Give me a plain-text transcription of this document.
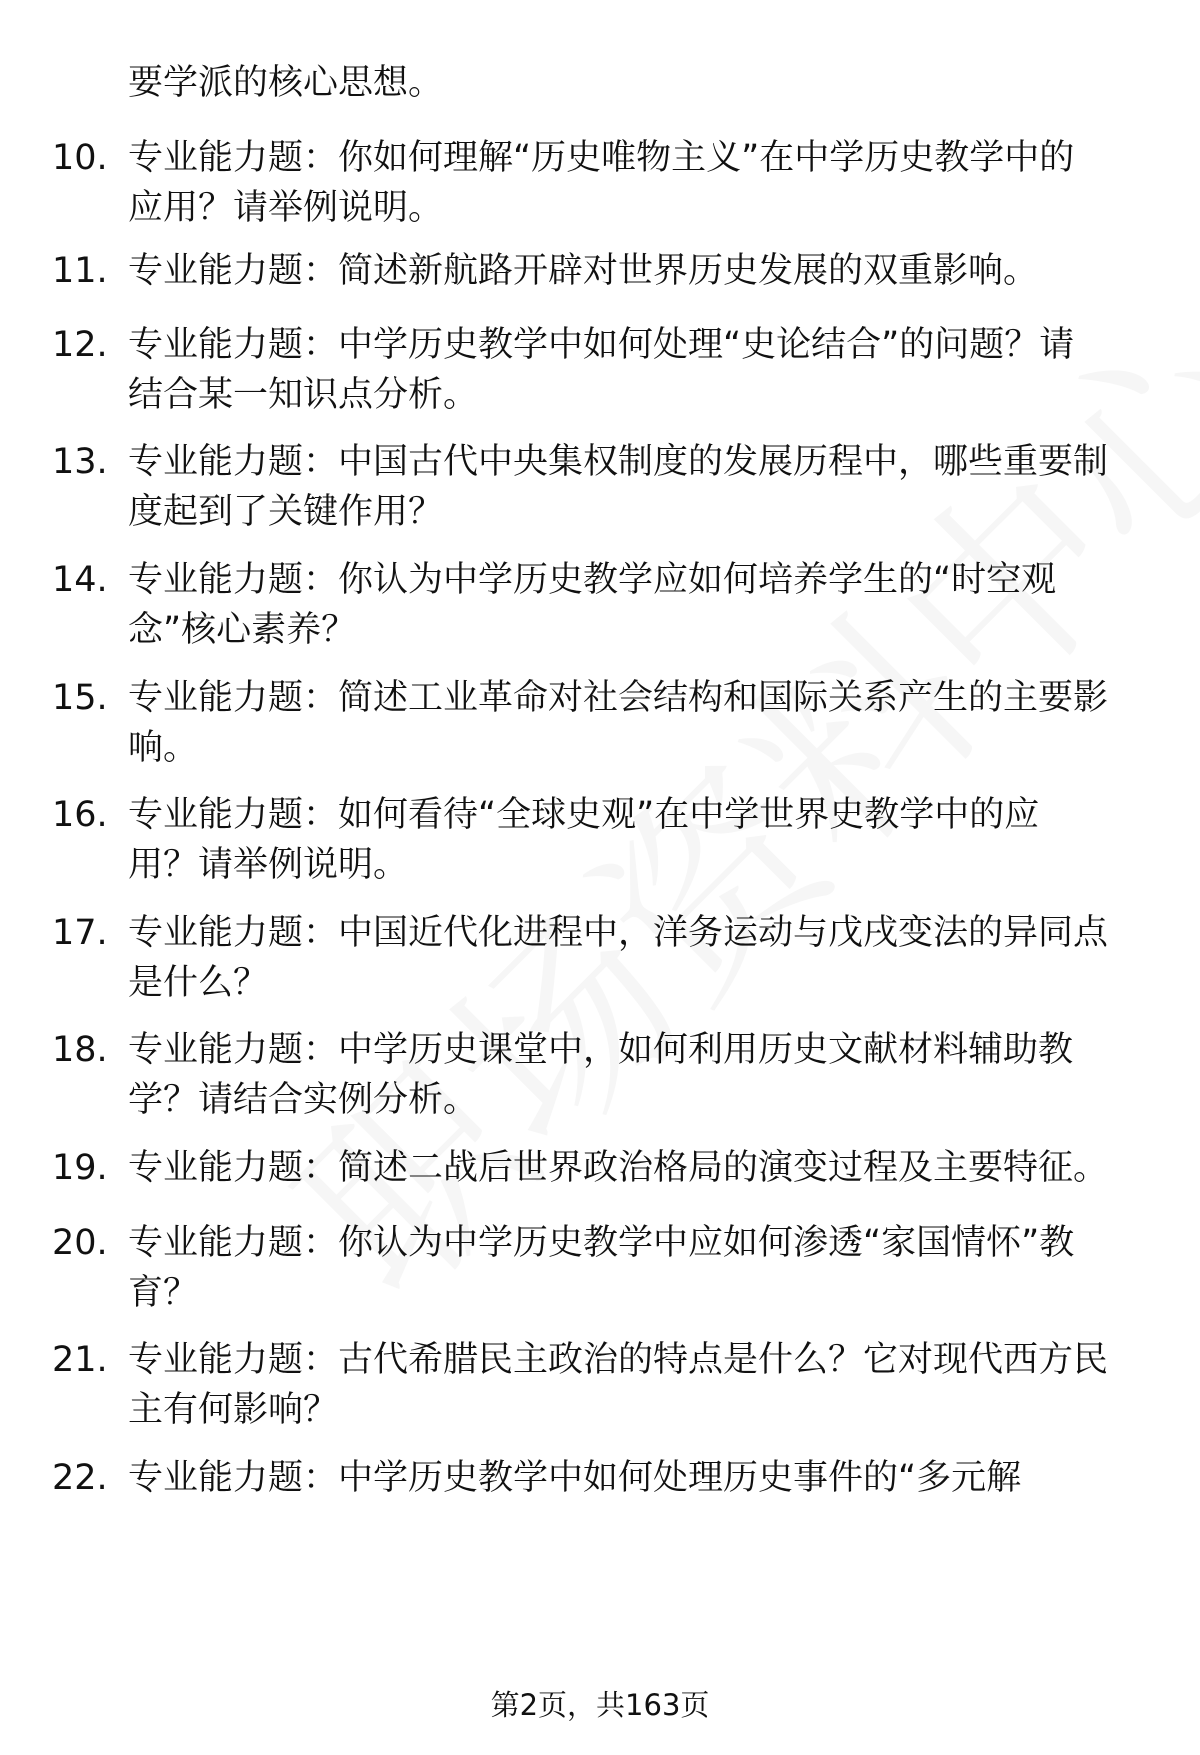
要学派的核心思想。
10. 专业能力题：你如何理解“历史唯物主义”在中学历史教学中的
应用？请举例说明。
11. 专业能力题：简述新航路开辟对世界历史发展的双重影响。
12. 专业能力题：中学历史教学中如何处理“史论结合”的问题？请
结合某一知识点分析。
13. 专业能力题：中国古代中央集权制度的发展历程中，哪些重要制
度起到了关键作用？
14. 专业能力题：你认为中学历史教学应如何培养学生的“时空观
念”核心素养？
15. 专业能力题：简述工业革命对社会结构和国际关系产生的主要影
响。
16. 专业能力题：如何看待“全球史观”在中学世界史教学中的应
用？请举例说明。
17. 专业能力题：中国近代化进程中，洋务运动与戊戌变法的异同点
是什么？
18. 专业能力题：中学历史课堂中，如何利用历史文献材料辅助教
学？请结合实例分析。
19. 专业能力题：简述二战后世界政治格局的演变过程及主要特征。
20. 专业能力题：你认为中学历史教学中应如何渗透“家国情怀”教
育？
21. 专业能力题：古代希腊民主政治的特点是什么？它对现代西方民
主有何影响？
22. 专业能力题：中学历史教学中如何处理历史事件的“多元解
第2页，共163页
